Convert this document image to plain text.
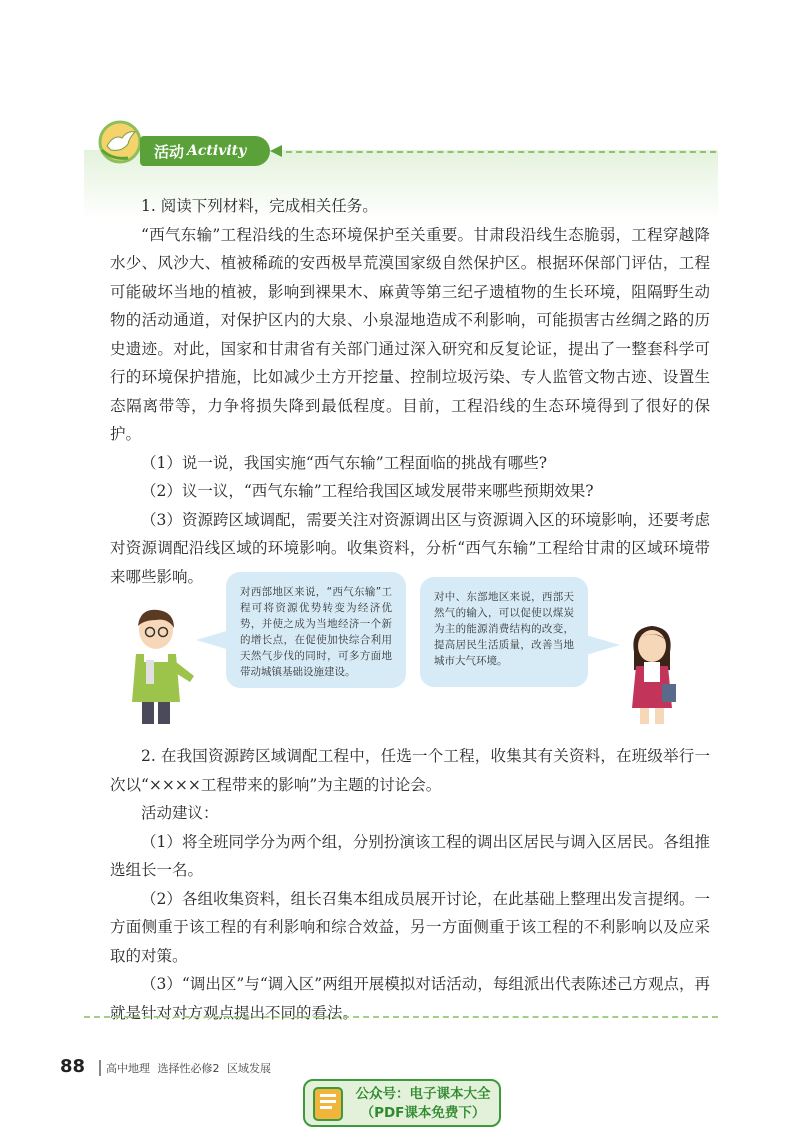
活动 Activity

1. 阅读下列材料，完成相关任务。

“西气东输”工程沿线的生态环境保护至关重要。甘肃段沿线生态脆弱，工程穿越降水少、风沙大、植被稀疏的安西极旱荒漠国家级自然保护区。根据环保部门评估，工程可能破坏当地的植被，影响到裸果木、麻黄等第三纪孑遗植物的生长环境，阻隔野生动物的活动通道，对保护区内的大泉、小泉湿地造成不利影响，可能损害古丝绸之路的历史遗迹。对此，国家和甘肃省有关部门通过深入研究和反复论证，提出了一整套科学可行的环境保护措施，比如减少土方开挖量、控制垃圾污染、专人监管文物古迹、设置生态隔离带等，力争将损失降到最低程度。目前，工程沿线的生态环境得到了很好的保护。

（1）说一说，我国实施“西气东输”工程面临的挑战有哪些?

（2）议一议，“西气东输”工程给我国区域发展带来哪些预期效果?

（3）资源跨区域调配，需要关注对资源调出区与资源调入区的环境影响，还要考虑对资源调配沿线区域的环境影响。收集资料，分析“西气东输”工程给甘肃的区域环境带来哪些影响。

对西部地区来说，“西气东输”工程可将资源优势转变为经济优势，并使之成为当地经济一个新的增长点，在促使加快综合利用天然气步伐的同时，可多方面地带动城镇基础设施建设。
对中、东部地区来说，西部天然气的输入，可以促使以煤炭为主的能源消费结构的改变，提高居民生活质量，改善当地城市大气环境。

2. 在我国资源跨区域调配工程中，任选一个工程，收集其有关资料，在班级举行一次以“××××工程带来的影响”为主题的讨论会。

活动建议：

（1）将全班同学分为两个组，分别扮演该工程的调出区居民与调入区居民。各组推选组长一名。

（2）各组收集资料，组长召集本组成员展开讨论，在此基础上整理出发言提纲。一方面侧重于该工程的有利影响和综合效益，另一方面侧重于该工程的不利影响以及应采取的对策。

（3）“调出区”与“调入区”两组开展模拟对话活动，每组派出代表陈述己方观点，再就是针对对方观点提出不同的看法。

88 高中地理 选择性必修2 区域发展
公众号：电子课本大全
（PDF课本免费下）
